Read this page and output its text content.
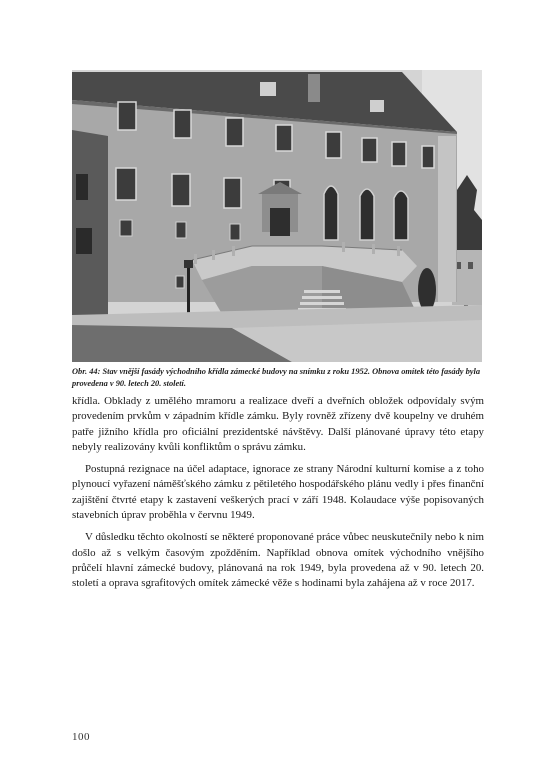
Obr. 44: Stav vnější fasády východního křídla zámecké budovy na snímku z roku 1952. Obnova omítek této fasády byla provedena v 90. letech 20. století.

křídla. Obklady z umělého mramoru a realizace dveří a dveřních obložek odpovídaly svým provedením prvkům v západním křídle zámku. Byly rovněž zřízeny dvě koupelny ve druhém patře jižního křídla pro oficiální prezidentské návštěvy. Další plánované úpravy této etapy nebyly realizovány kvůli konfliktům o správu zámku.

Postupná rezignace na účel adaptace, ignorace ze strany Národní kulturní komise a z toho plynoucí vyřazení náměšťského zámku z pětiletého hospodářského plánu vedly i přes finanční zajištění čtvrté etapy k zastavení veškerých prací v září 1948. Kolaudace výše popisovaných stavebních úprav proběhla v červnu 1949.

V důsledku těchto okolností se některé proponované práce vůbec neuskutečnily nebo k nim došlo až s velkým časovým zpožděním. Například obnova omítek východního vnějšího průčelí hlavní zámecké budovy, plánovaná na rok 1949, byla provedena až v 90. letech 20. století a oprava sgrafitových omítek zámecké věže s hodinami byla zahájena až v roce 2017.

100
